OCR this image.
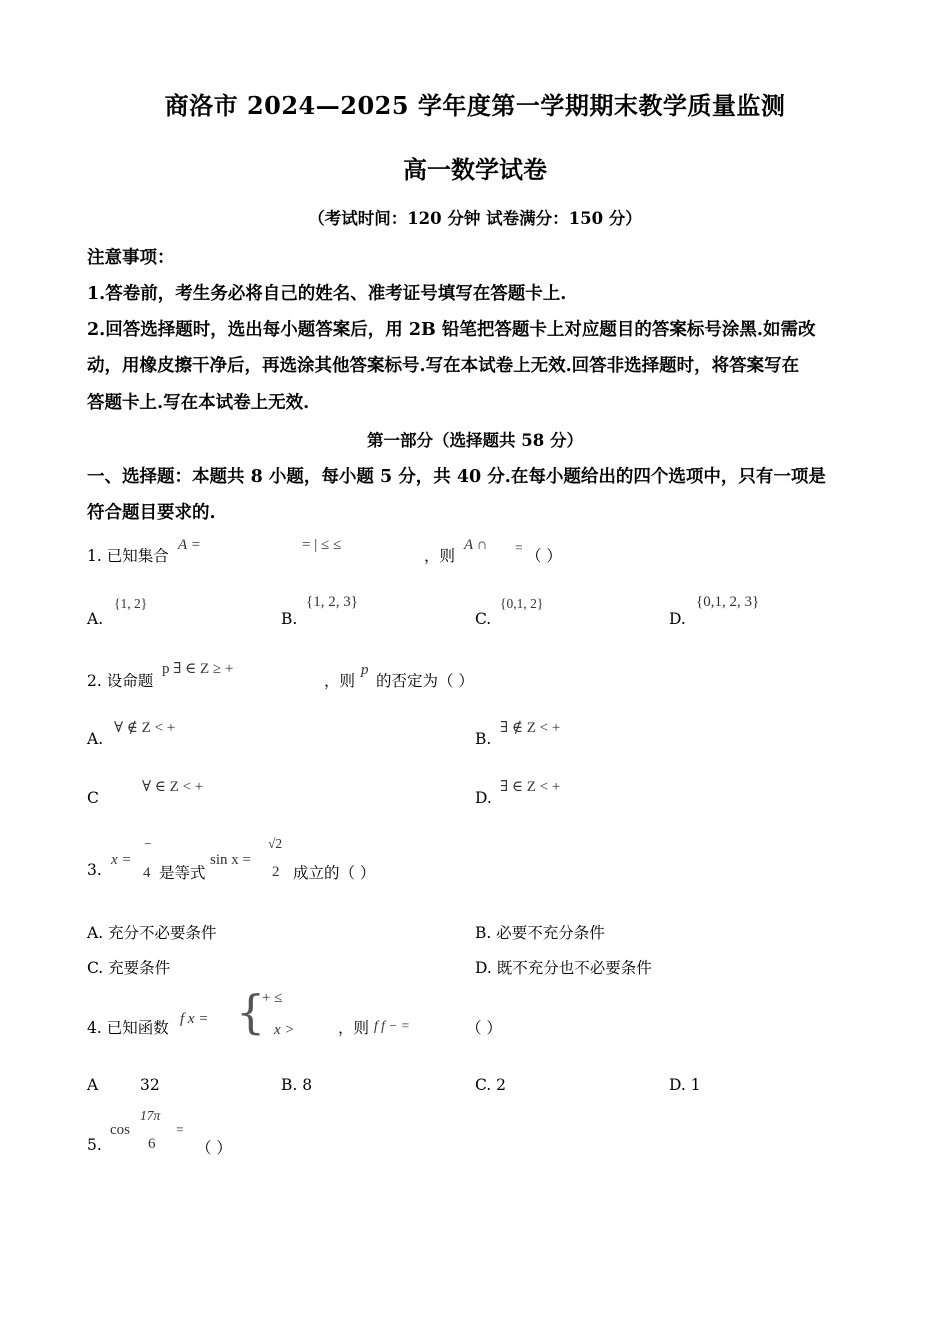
商洛市 2024—2025 学年度第一学期期末教学质量监测
高一数学试卷
（考试时间：120 分钟 试卷满分：150 分）
注意事项：
1.答卷前，考生务必将自己的姓名、准考证号填写在答题卡上.
2.回答选择题时，选出每小题答案后，用 2B 铅笔把答题卡上对应题目的答案标号涂黑.如需改
动，用橡皮擦干净后，再选涂其他答案标号.写在本试卷上无效.回答非选择题时，将答案写在
答题卡上.写在本试卷上无效.
第一部分（选择题共 58 分）
一、选择题：本题共 8 小题，每小题 5 分，共 40 分.在每小题给出的四个选项中，只有一项是
符合题目要求的.
1. 已知集合
A =	= | ≤ ≤
，则
A ∩ = （ ）
A.
{1, 2}
B.
{1, 2, 3}
C.
{0,1, 2}
D.
{0,1, 2, 3}
2. 设命题
p ∃ ∈ Z ≥ +
，则
p
的否定为（ ）
A.
∀ ∉ Z < +
B.
∃ ∉ Z < +
C
∀ ∈ Z < +
D.
∃ ∈ Z < +
3.
x =
−
4 是等式
sin x =
√2
2 成立的（ ）
A. 充分不必要条件	B. 必要不充分条件
C. 充要条件	D. 既不充分也不必要条件
4. 已知函数 f x = {
+ ≤
x >	，则 f f − =	（ ）
A	32	B. 8	C. 2	D. 1
5.
cos
17π
6
=
（ ）
